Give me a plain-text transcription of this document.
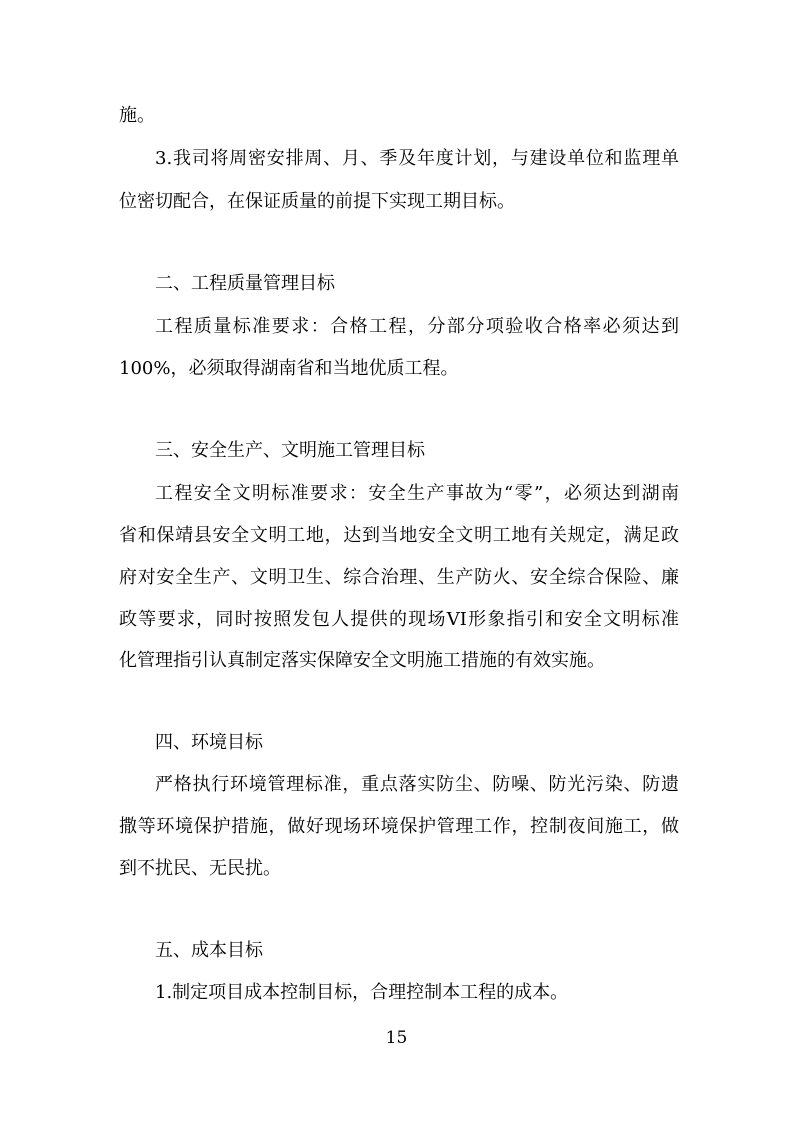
施。

3.我司将周密安排周、月、季及年度计划，与建设单位和监理单

位密切配合，在保证质量的前提下实现工期目标。

二、工程质量管理目标

工程质量标准要求：合格工程，分部分项验收合格率必须达到

100%，必须取得湖南省和当地优质工程。

三、安全生产、文明施工管理目标

工程安全文明标准要求：安全生产事故为“零”，必须达到湖南

省和保靖县安全文明工地，达到当地安全文明工地有关规定，满足政

府对安全生产、文明卫生、综合治理、生产防火、安全综合保险、廉

政等要求，同时按照发包人提供的现场VI形象指引和安全文明标准

化管理指引认真制定落实保障安全文明施工措施的有效实施。

四、环境目标

严格执行环境管理标准，重点落实防尘、防噪、防光污染、防遗

撒等环境保护措施，做好现场环境保护管理工作，控制夜间施工，做

到不扰民、无民扰。

五、成本目标

1.制定项目成本控制目标，合理控制本工程的成本。

15
